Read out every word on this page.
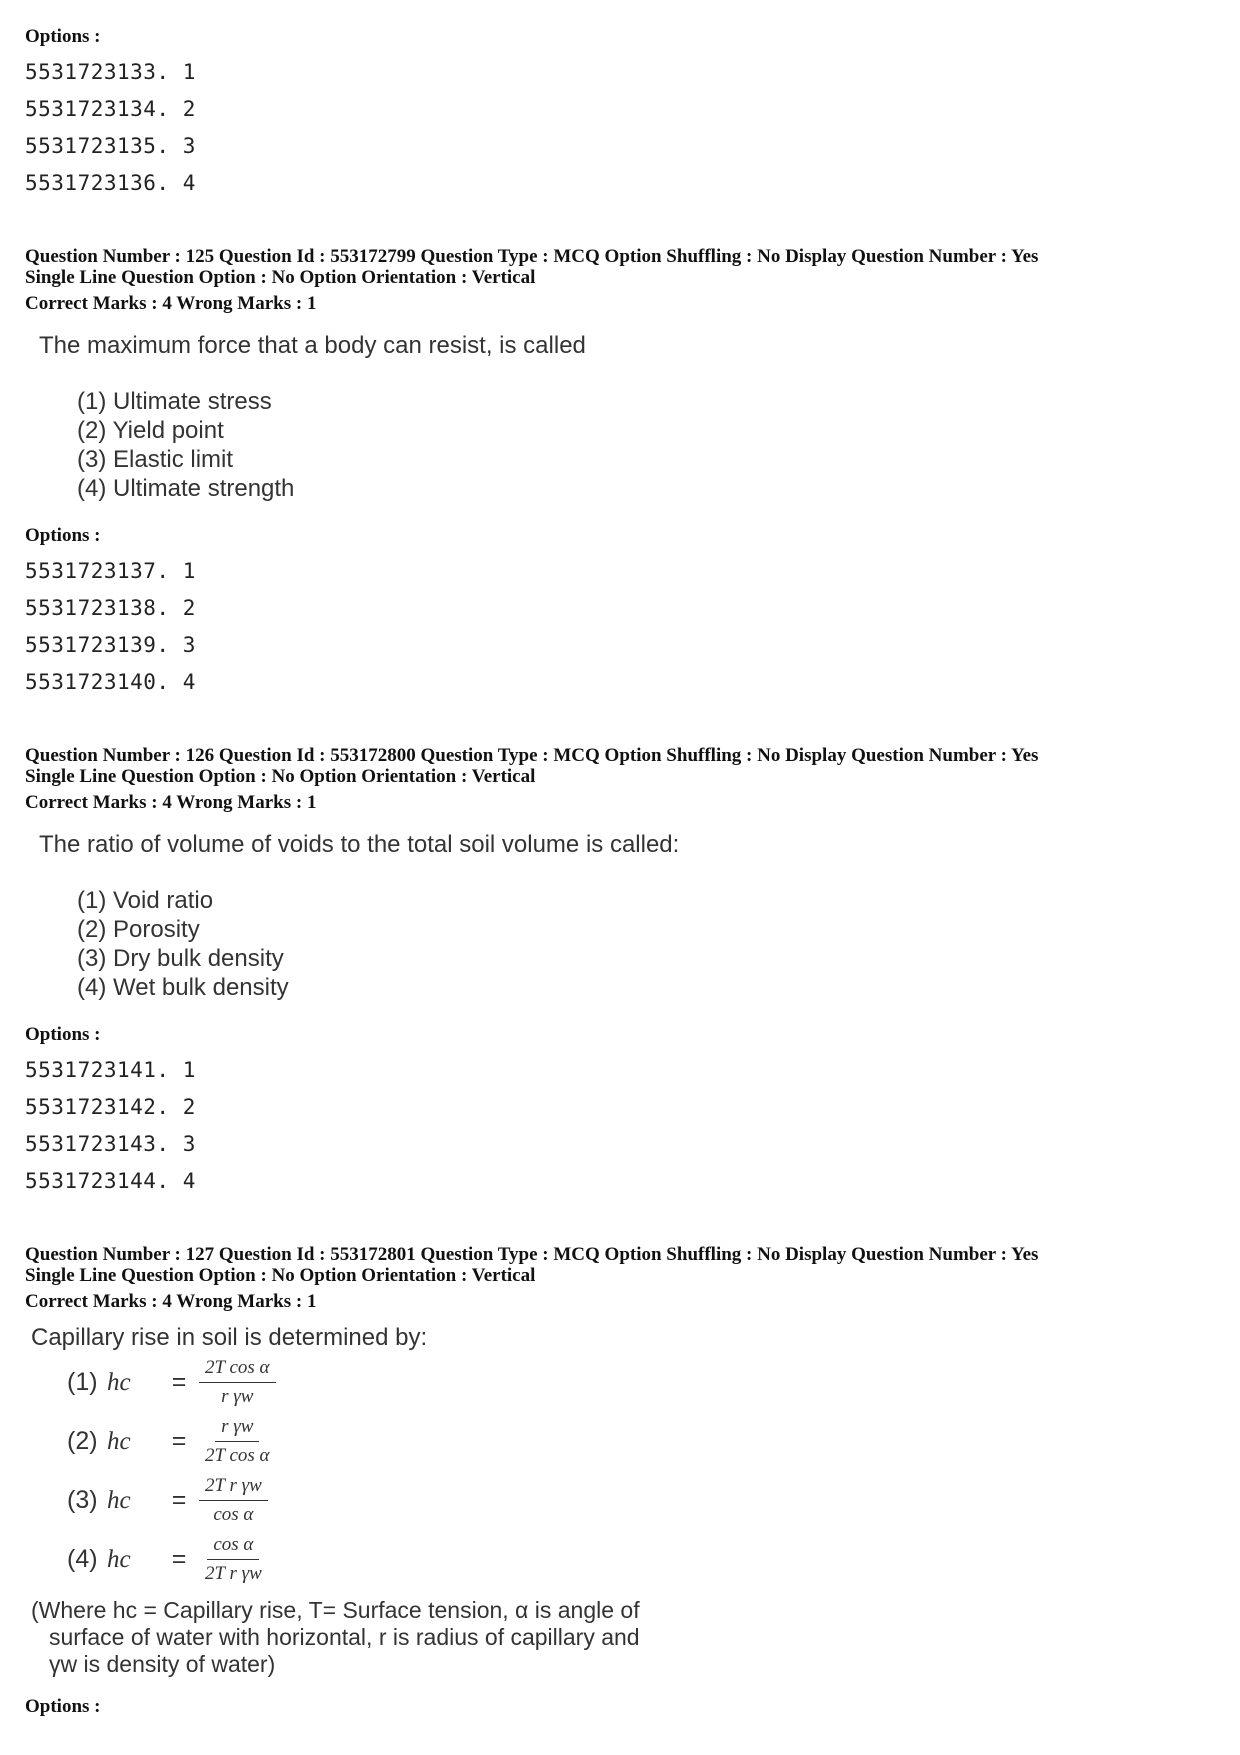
Options :
5531723133. 1
5531723134. 2
5531723135. 3
5531723136. 4
Question Number : 125 Question Id : 553172799 Question Type : MCQ Option Shuffling : No Display Question Number : Yes
Single Line Question Option : No Option Orientation : Vertical
Correct Marks : 4 Wrong Marks : 1
The maximum force that a body can resist, is called
(1) Ultimate stress
(2) Yield point
(3) Elastic limit
(4) Ultimate strength
Options :
5531723137. 1
5531723138. 2
5531723139. 3
5531723140. 4
Question Number : 126 Question Id : 553172800 Question Type : MCQ Option Shuffling : No Display Question Number : Yes
Single Line Question Option : No Option Orientation : Vertical
Correct Marks : 4 Wrong Marks : 1
The ratio of volume of voids to the total soil volume is called:
(1) Void ratio
(2) Porosity
(3) Dry bulk density
(4) Wet bulk density
Options :
5531723141. 1
5531723142. 2
5531723143. 3
5531723144. 4
Question Number : 127 Question Id : 553172801 Question Type : MCQ Option Shuffling : No Display Question Number : Yes
Single Line Question Option : No Option Orientation : Vertical
Correct Marks : 4 Wrong Marks : 1
Capillary rise in soil is determined by:
(1) hc	= $\frac{\text{2T cos α}}{\text{r γw}}$
(2) hc	= $\frac{\text{r γw}}{\text{2T cos α}}$
(3) hc	= $\frac{\text{2T r γw}}{\text{cos α}}$
(4) hc	= $\frac{\text{cos α}}{\text{2T r γw}}$
(Where hc = Capillary rise, T= Surface tension, α is angle of
surface of water with horizontal, r is radius of capillary and
γw is density of water)
Options :
